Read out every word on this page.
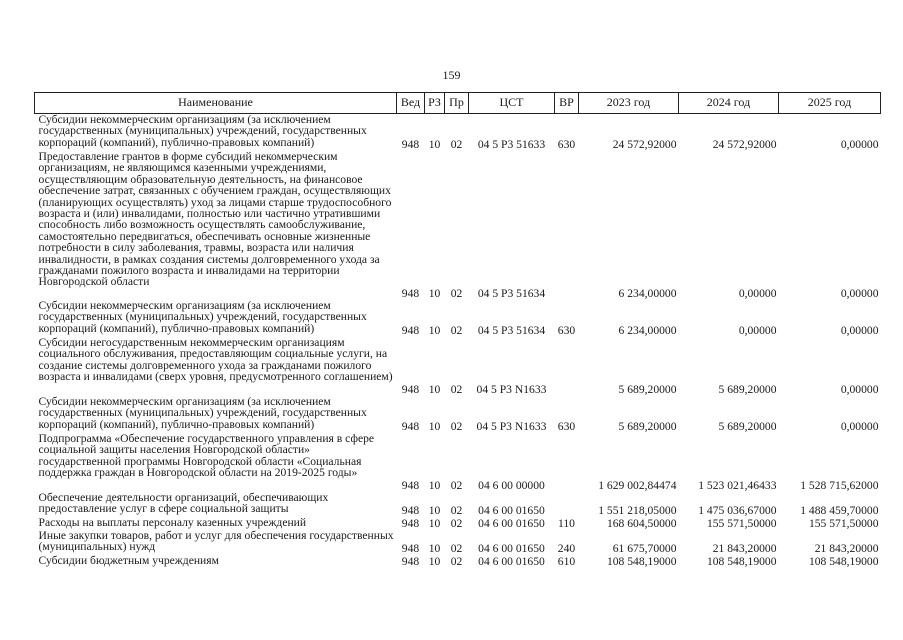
159
Наименование	Вед	РЗ	Пр	ЦСТ	ВР	2023 год	2024 год	2025 год
Субсидии некоммерческим организациям (за исключением государственных (муниципальных) учреждений, государственных корпораций (компаний), публично-правовых компаний)	948	10	02	04 5 Р3 51633	630	24 572,92000	24 572,92000	0,00000
Предоставление грантов в форме субсидий некоммерческим организациям, не являющимся казенными учреждениями, осуществляющим образовательную деятельность, на финансовое обеспечение затрат, связанных с обучением граждан, осуществляющих (планирующих осуществлять) уход за лицами старше трудоспособного возраста и (или) инвалидами, полностью или частично утратившими способность либо возможность осуществлять самообслуживание, самостоятельно передвигаться, обеспечивать основные жизненные потребности в силу заболевания, травмы, возраста или наличия инвалидности, в рамках создания системы долговременного ухода за гражданами пожилого возраста и инвалидами на территории Новгородской области	948	10	02	04 5 Р3 51634		6 234,00000	0,00000	0,00000
Субсидии некоммерческим организациям (за исключением государственных (муниципальных) учреждений, государственных корпораций (компаний), публично-правовых компаний)	948	10	02	04 5 Р3 51634	630	6 234,00000	0,00000	0,00000
Субсидии негосударственным некоммерческим организациям социального обслуживания, предоставляющим социальные услуги, на создание системы долговременного ухода за гражданами пожилого возраста и инвалидами (сверх уровня, предусмотренного соглашением)	948	10	02	04 5 Р3 N1633		5 689,20000	5 689,20000	0,00000
Субсидии некоммерческим организациям (за исключением государственных (муниципальных) учреждений, государственных корпораций (компаний), публично-правовых компаний)	948	10	02	04 5 Р3 N1633	630	5 689,20000	5 689,20000	0,00000
Подпрограмма «Обеспечение государственного управления в сфере социальной защиты населения Новгородской области» государственной программы Новгородской области «Социальная поддержка граждан в Новгородской области на 2019-2025 годы»	948	10	02	04 6 00 00000		1 629 002,84474	1 523 021,46433	1 528 715,62000
Обеспечение деятельности организаций, обеспечивающих предоставление услуг в сфере социальной защиты	948	10	02	04 6 00 01650		1 551 218,05000	1 475 036,67000	1 488 459,70000
Расходы на выплаты персоналу казенных учреждений	948	10	02	04 6 00 01650	110	168 604,50000	155 571,50000	155 571,50000
Иные закупки товаров, работ и услуг для обеспечения государственных (муниципальных) нужд	948	10	02	04 6 00 01650	240	61 675,70000	21 843,20000	21 843,20000
Субсидии бюджетным учреждениям	948	10	02	04 6 00 01650	610	108 548,19000	108 548,19000	108 548,19000
